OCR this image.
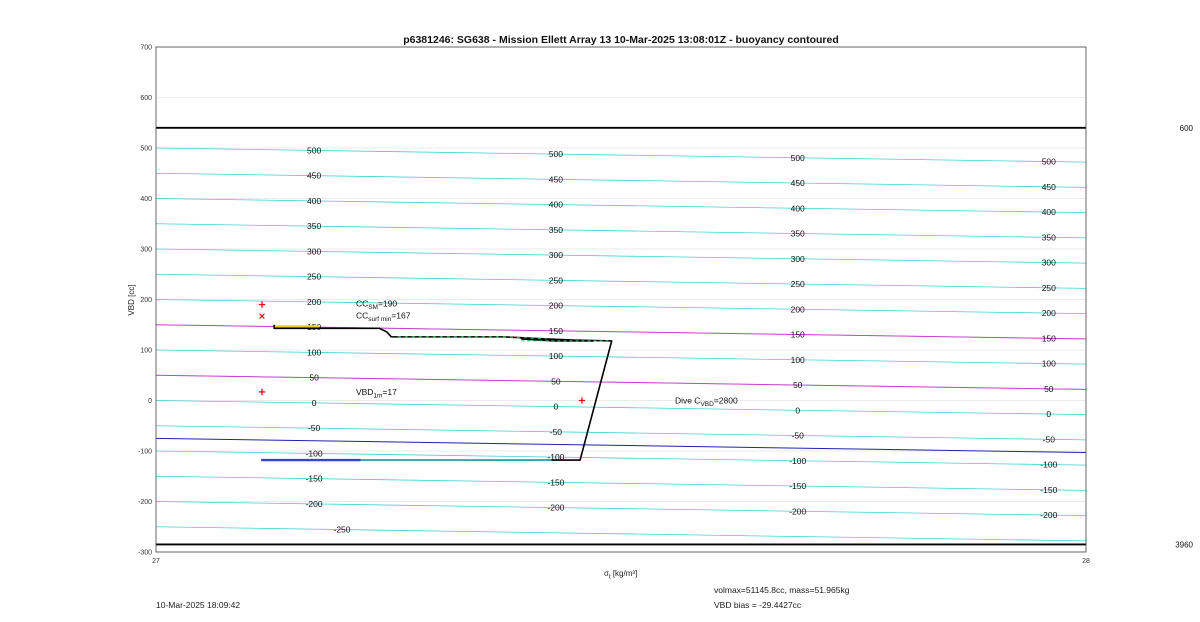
p6381246: SG638 - Mission Ellett Array 13 10-Mar-2025 13:08:01Z - buoyancy contoured
600
3960
500
450
400
350
300
250
200
150
100
50
0
-50
-100
-150
-200
500
450
400
350
300
250
200
150
100
50
0
-50
-100
-150
-200
500
450
400
350
300
250
200
150
100
50
0
-50
-100
-150
-200
500
450
400
350
300
250
200
150
100
50
0
-50
-100
-150
-200
-250
$CC_{SM}=190$
$CC_{surf min}=167$
$VBD_{1m}=17$
Dive $C_{VBD}=2800$
700
600
500
400
300
200
100
0
-100
-200
-300
27	28
VBD [cc]
$\sigma_t$ [kg/m³]
10-Mar-2025 18:09:42
volmax=51145.8cc, mass=51.965kg
VBD bias = -29.4427cc
